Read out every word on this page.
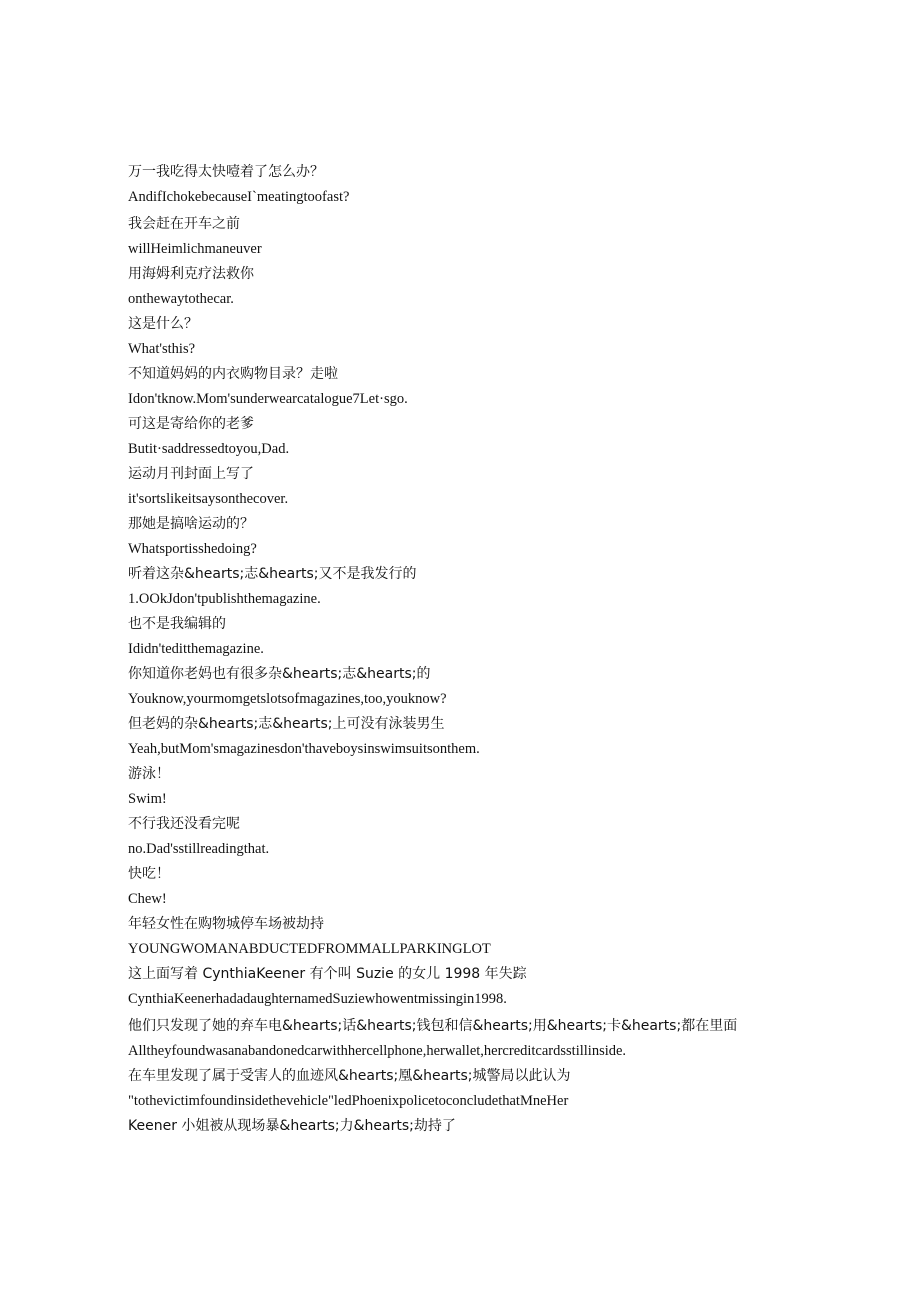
万一我吃得太快噎着了怎么办？
AndifIchokebecauseI`meatingtoofast?
我会赶在开车之前
willHeimlichmaneuver
用海姆利克疗法救你
onthewaytothecar.
这是什么？
What'sthis?
不知道妈妈的内衣购物目录？走啦
Idon'tknow.Mom'sunderwearcatalogue7Let·sgo.
可这是寄给你的老爹
Butit·saddressedtoyou,Dad.
运动月刊封面上写了
it'sortslikeitsaysonthecover.
那她是搞啥运动的？
Whatsportisshedoing?
听着这杂&hearts;志&hearts;又不是我发行的
1.OOkJdon'tpublishthemagazine.
也不是我编辑的
Ididn'teditthemagazine.
你知道你老妈也有很多杂&hearts;志&hearts;的
Youknow,yourmomgetslotsofmagazines,too,youknow?
但老妈的杂&hearts;志&hearts;上可没有泳装男生
Yeah,butMom'smagazinesdon'thaveboysinswimsuitsonthem.
游泳！
Swim!
不行我还没看完呢
no.Dad'sstillreadingthat.
快吃！
Chew!
年轻女性在购物城停车场被劫持
YOUNGWOMANABDUCTEDFROMMALLPARKINGLOT
这上面写着 CynthiaKeener 有个叫 Suzie 的女儿 1998 年失踪
CynthiaKeenerhadadaughternamedSuziewhowentmissingin1998.
他们只发现了她的弃车电&hearts;话&hearts;钱包和信&hearts;用&hearts;卡&hearts;都在里面
Alltheyfoundwasanabandonedcarwithhercellphone,herwallet,hercreditcardsstillinside.
在车里发现了属于受害人的血迹风&hearts;凰&hearts;城警局以此认为
"tothevictimfoundinsidethevehicle"ledPhoenixpolicetoconcludethatMneHer
Keener 小姐被从现场暴&hearts;力&hearts;劫持了
